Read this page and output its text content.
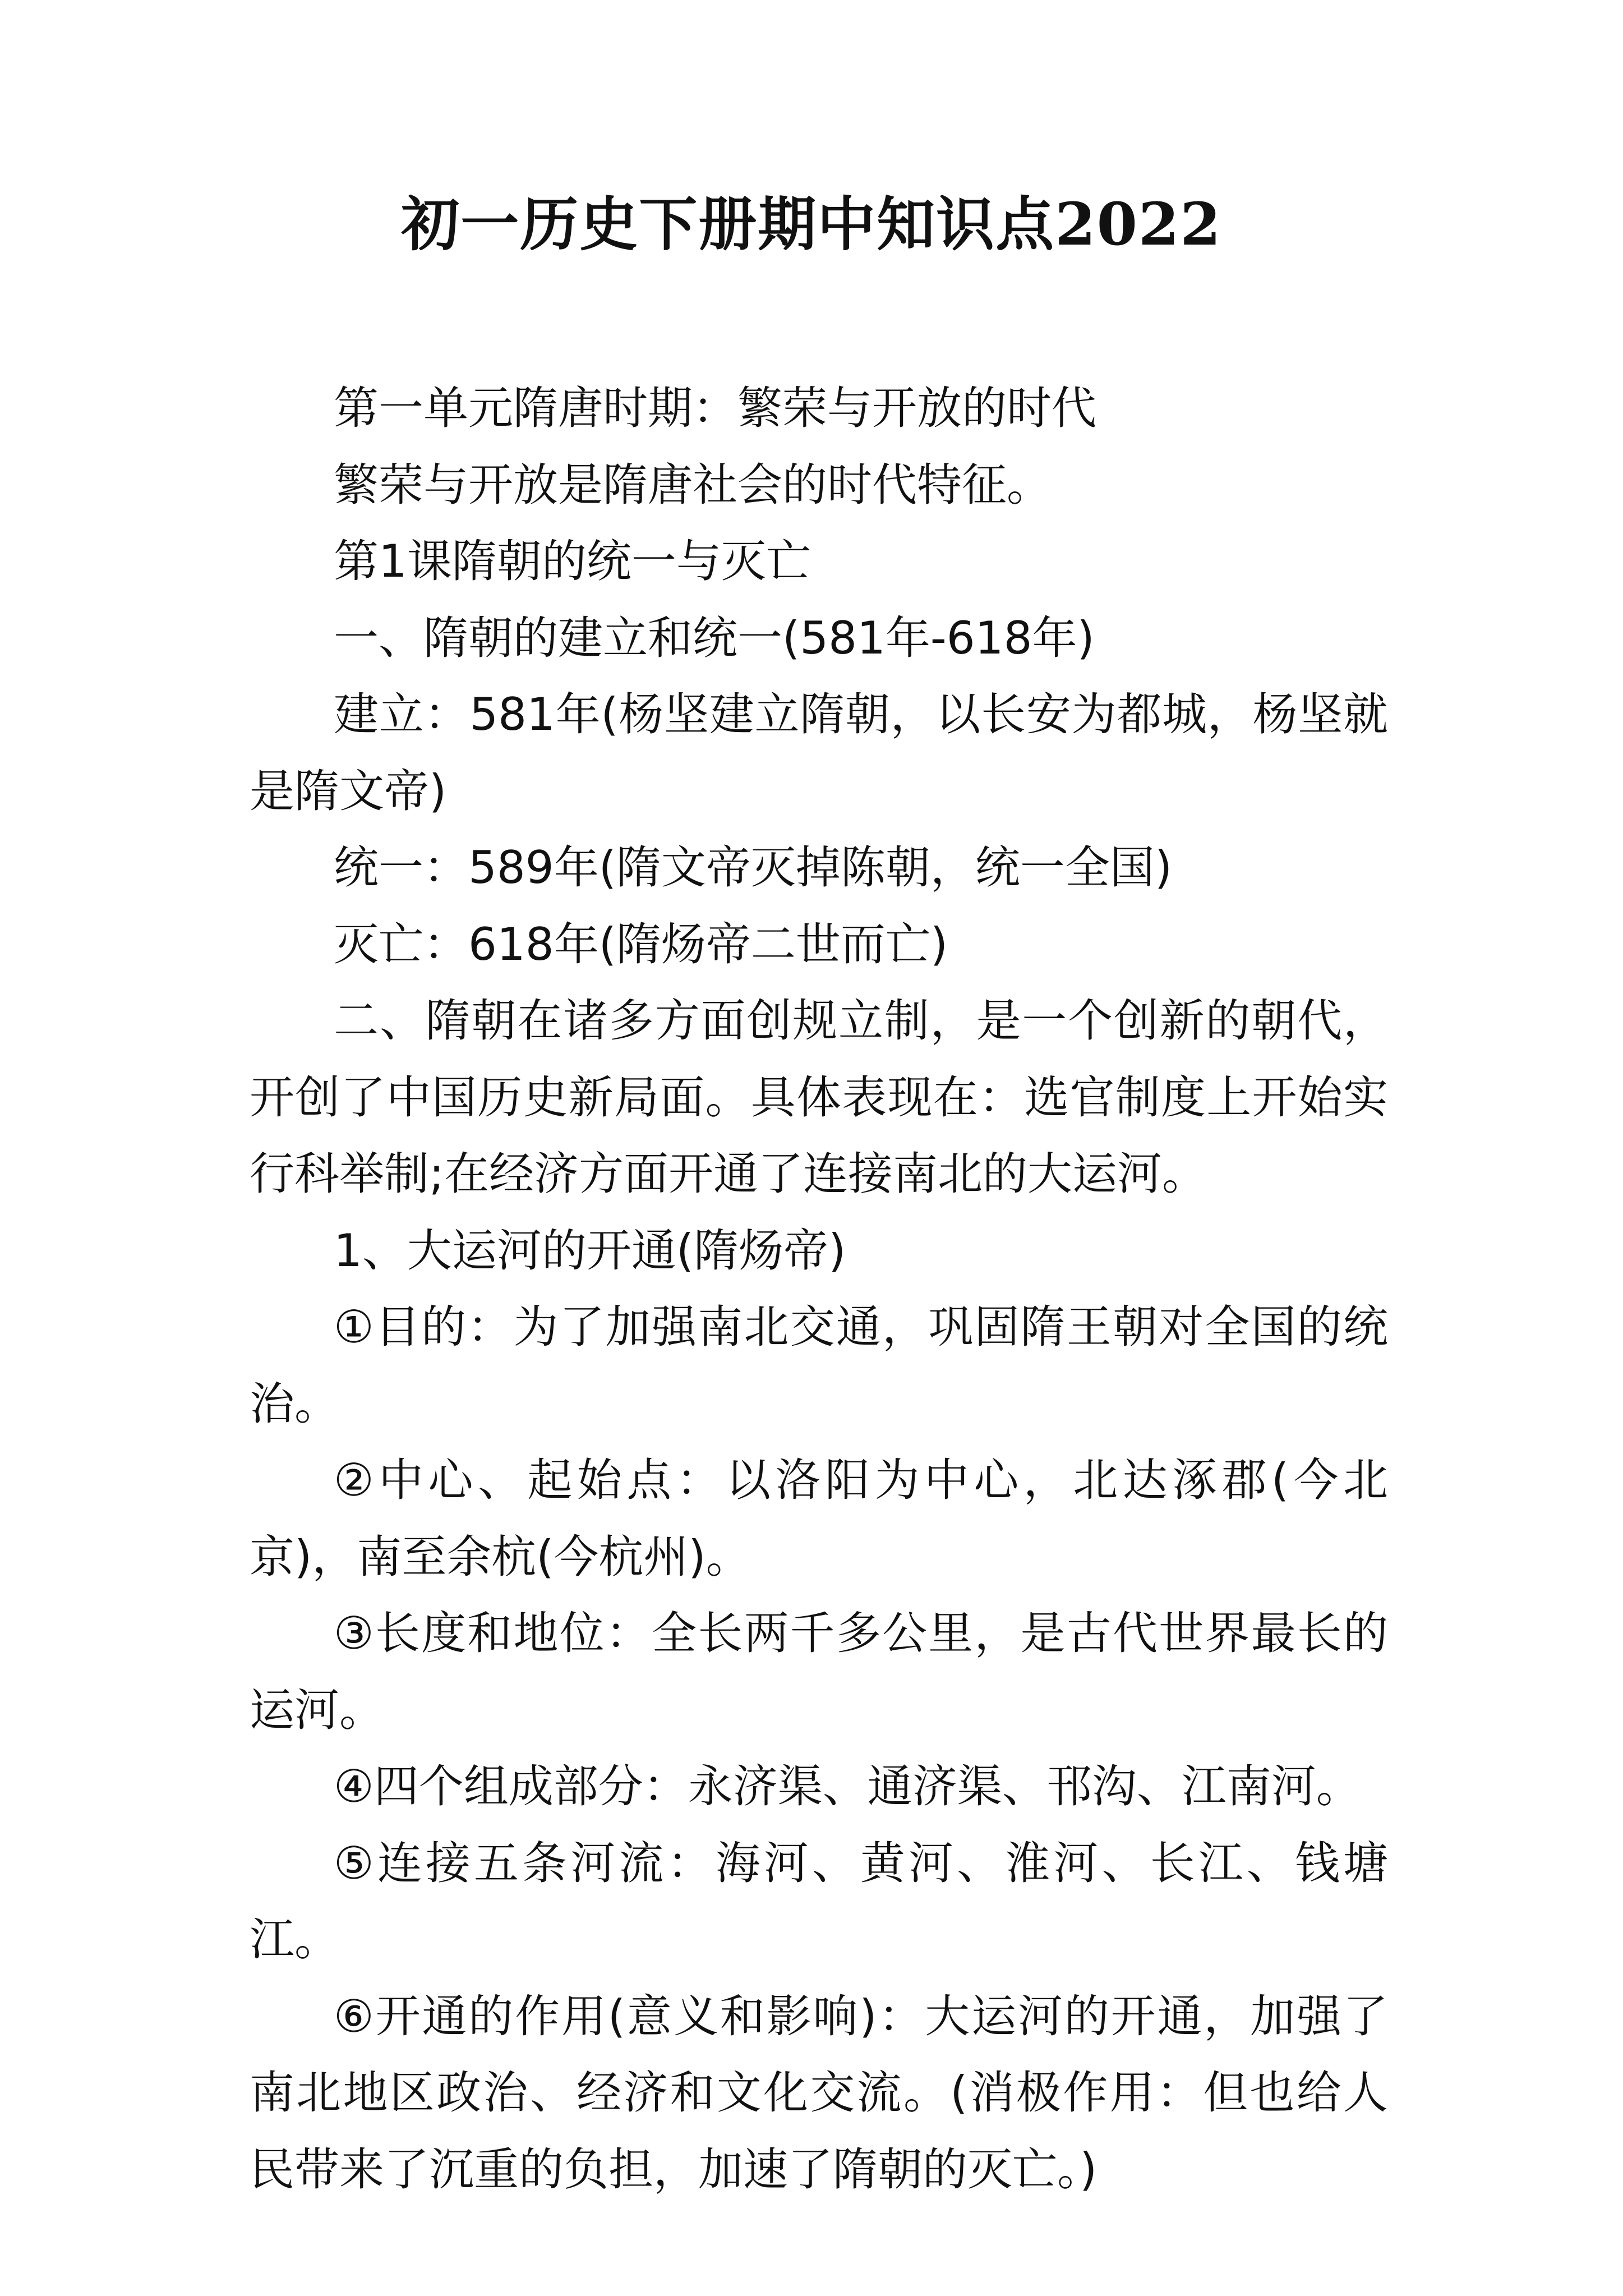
初一历史下册期中知识点2022

第一单元隋唐时期：繁荣与开放的时代

繁荣与开放是隋唐社会的时代特征。

第1课隋朝的统一与灭亡

一、隋朝的建立和统一(581年-618年)

建立：581年(杨坚建立隋朝，以长安为都城，杨坚就是隋文帝)

统一：589年(隋文帝灭掉陈朝，统一全国)

灭亡：618年(隋炀帝二世而亡)

二、隋朝在诸多方面创规立制，是一个创新的朝代，开创了中国历史新局面。具体表现在：选官制度上开始实行科举制;在经济方面开通了连接南北的大运河。

1、大运河的开通(隋炀帝)

①目的：为了加强南北交通，巩固隋王朝对全国的统治。

②中心、起始点：以洛阳为中心，北达涿郡(今北京)，南至余杭(今杭州)。

③长度和地位：全长两千多公里，是古代世界最长的运河。

④四个组成部分：永济渠、通济渠、邗沟、江南河。

⑤连接五条河流：海河、黄河、淮河、长江、钱塘江。

⑥开通的作用(意义和影响)：大运河的开通，加强了南北地区政治、经济和文化交流。(消极作用：但也给人民带来了沉重的负担，加速了隋朝的灭亡。)
